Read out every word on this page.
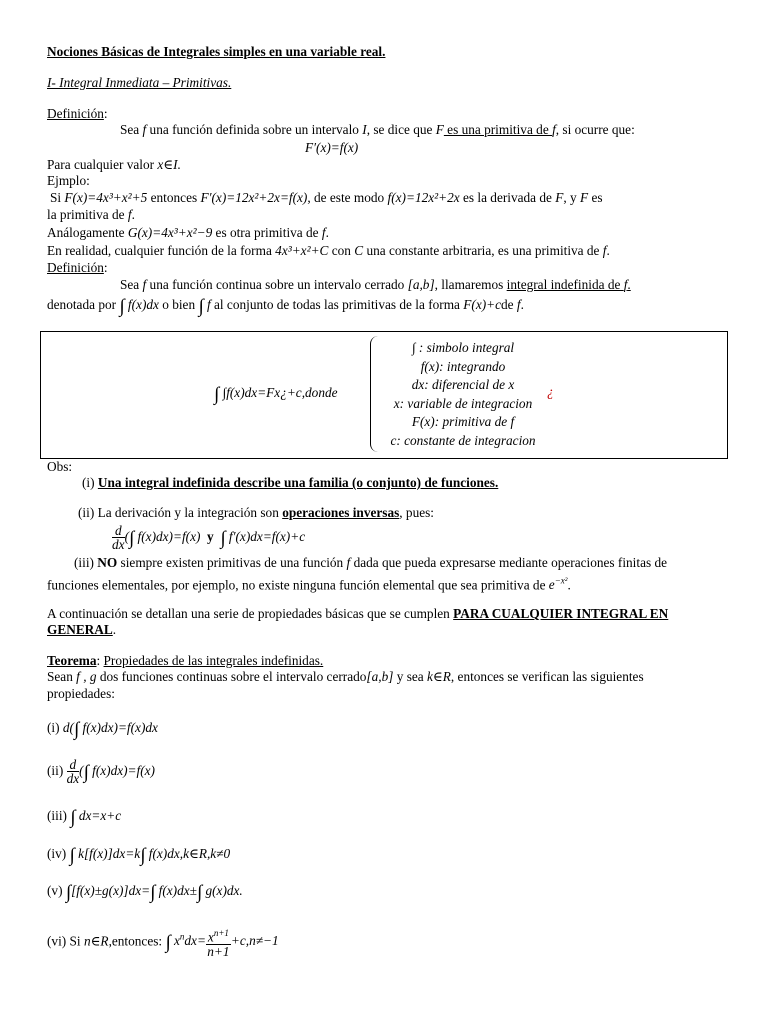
Nociones Básicas de Integrales simples en una variable real.
I- Integral Inmediata – Primitivas.
Definición:
Sea f una función definida sobre un intervalo I, se dice que F es una primitiva de f, si ocurre que:
F′(x)=f(x)
Para cualquier valor x∈I.
Ejmplo:
Si F(x)=4x³+x²+5 entonces F′(x)=12x²+2x=f(x), de este modo f(x)=12x²+2x es la derivada de F, y F es
la primitiva de f.
Análogamente G(x)=4x³+x²−9 es otra primitiva de f.
En realidad, cualquier función de la forma 4x³+x²+C con C una constante arbitraria, es una primitiva de f.
Definición:
Sea f una función continua sobre un intervalo cerrado [a,b], llamaremos integral indefinida de f.
denotada por ∫ f(x)dx o bien ∫ f al conjunto de todas las primitivas de la forma F(x)+cde f.
∫ ∫f(x)dx=Fx¿+c,donde
∫ : simbolo integral
f(x): integrando
dx: diferencial de x
x: variable de integracion
F(x): primitiva de f
c: constante de integracion
¿
Obs:
(i) Una integral indefinida describe una familia (o conjunto) de funciones.
(ii) La derivación y la integración son operaciones inversas, pues:
$\frac{d}{dx}$ (∫ f(x)dx)=f(x)  y ∫ f′(x)dx=f(x)+c
(iii) NO siempre existen primitivas de una función f dada que pueda expresarse mediante operaciones finitas de
funciones elementales, por ejemplo, no existe ninguna función elemental que sea primitiva de $e^{-x^2}$.
A continuación se detallan una serie de propiedades básicas que se cumplen PARA CUALQUIER INTEGRAL EN
GENERAL.
Teorema: Propiedades de las integrales indefinidas.
Sean f , g dos funciones continuas sobre el intervalo cerrado[a,b] y sea k∈R, entonces se verifican las siguientes
propiedades:
(i) d(∫ f(x)dx)=f(x)dx
$(ii) \frac{d}{dx}$ (∫ f(x)dx)=f(x)
(iii) ∫ dx=x+c
(iv) ∫ k[f(x)]dx=k∫ f(x)dx,k∈R,k≠0
(v) ∫[f(x)±g(x)]dx=∫ f(x)dx±∫ g(x)dx.
(vi) Si n∈R,entonces: ∫ $x^ndx= \frac{x^{n+1}}{n+1} +c,n\ne-1$
